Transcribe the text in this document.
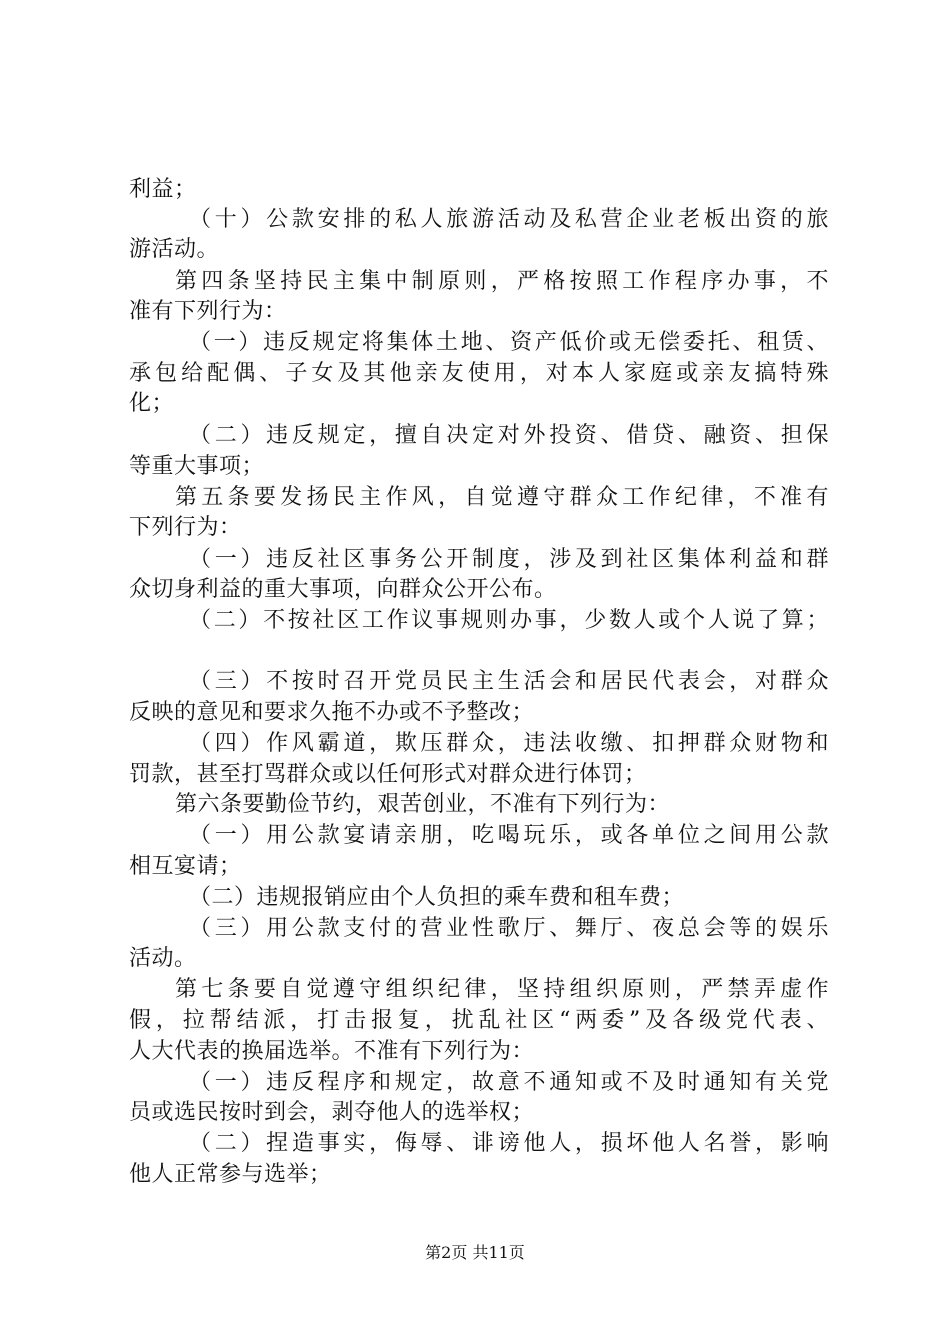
利益；
（十）公款安排的私人旅游活动及私营企业老板出资的旅
游活动。
第四条坚持民主集中制原则，严格按照工作程序办事，不
准有下列行为：
（一）违反规定将集体土地、资产低价或无偿委托、租赁、
承包给配偶、子女及其他亲友使用，对本人家庭或亲友搞特殊
化；
（二）违反规定，擅自决定对外投资、借贷、融资、担保
等重大事项；
第五条要发扬民主作风，自觉遵守群众工作纪律，不准有
下列行为：
（一）违反社区事务公开制度，涉及到社区集体利益和群
众切身利益的重大事项，向群众公开公布。
（二）不按社区工作议事规则办事，少数人或个人说了算；
（三）不按时召开党员民主生活会和居民代表会，对群众
反映的意见和要求久拖不办或不予整改；
（四）作风霸道，欺压群众，违法收缴、扣押群众财物和
罚款，甚至打骂群众或以任何形式对群众进行体罚；
第六条要勤俭节约，艰苦创业，不准有下列行为：
（一）用公款宴请亲朋，吃喝玩乐，或各单位之间用公款
相互宴请；
（二）违规报销应由个人负担的乘车费和租车费；
（三）用公款支付的营业性歌厅、舞厅、夜总会等的娱乐
活动。
第七条要自觉遵守组织纪律，坚持组织原则，严禁弄虚作
假，拉帮结派，打击报复，扰乱社区“两委”及各级党代表、
人大代表的换届选举。不准有下列行为：
（一）违反程序和规定，故意不通知或不及时通知有关党
员或选民按时到会，剥夺他人的选举权；
（二）捏造事实，侮辱、诽谤他人，损坏他人名誉，影响
他人正常参与选举；
第2页 共11页
